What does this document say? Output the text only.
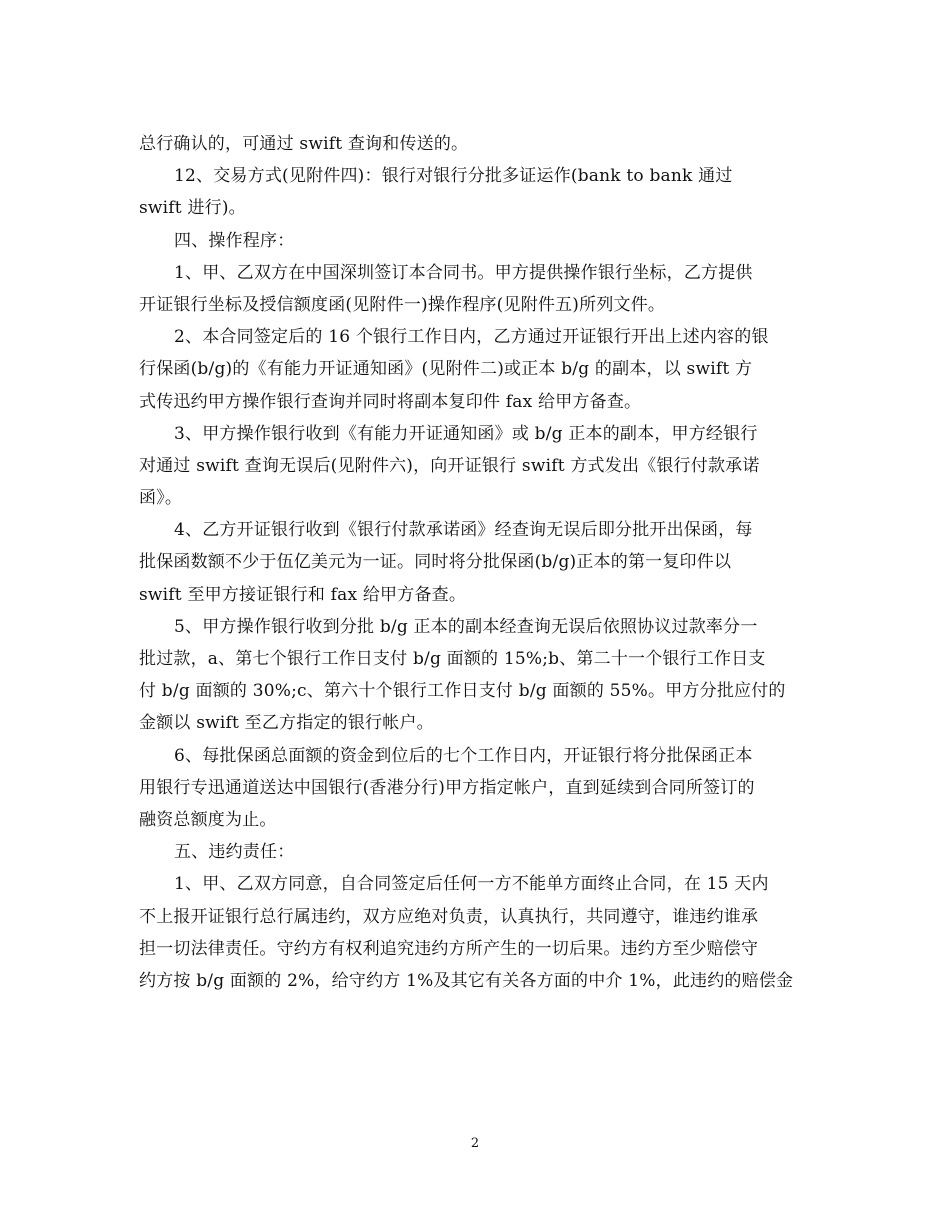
总行确认的，可通过 swift 查询和传送的。
12、交易方式(见附件四)：银行对银行分批多证运作(bank to bank 通过
swift 进行)。
四、操作程序：
1、甲、乙双方在中国深圳签订本合同书。甲方提供操作银行坐标，乙方提供
开证银行坐标及授信额度函(见附件一)操作程序(见附件五)所列文件。
2、本合同签定后的 16 个银行工作日内，乙方通过开证银行开出上述内容的银
行保函(b/g)的《有能力开证通知函》(见附件二)或正本 b/g 的副本，以 swift 方
式传迅约甲方操作银行查询并同时将副本复印件 fax 给甲方备查。
3、甲方操作银行收到《有能力开证通知函》或 b/g 正本的副本，甲方经银行
对通过 swift 查询无误后(见附件六)，向开证银行 swift 方式发出《银行付款承诺
函》。
4、乙方开证银行收到《银行付款承诺函》经查询无误后即分批开出保函，每
批保函数额不少于伍亿美元为一证。同时将分批保函(b/g)正本的第一复印件以
swift 至甲方接证银行和 fax 给甲方备查。
5、甲方操作银行收到分批 b/g 正本的副本经查询无误后依照协议过款率分一
批过款，a、第七个银行工作日支付 b/g 面额的 15%;b、第二十一个银行工作日支
付 b/g 面额的 30%;c、第六十个银行工作日支付 b/g 面额的 55%。甲方分批应付的
金额以 swift 至乙方指定的银行帐户。
6、每批保函总面额的资金到位后的七个工作日内，开证银行将分批保函正本
用银行专迅通道送达中国银行(香港分行)甲方指定帐户，直到延续到合同所签订的
融资总额度为止。
五、违约责任：
1、甲、乙双方同意，自合同签定后任何一方不能单方面终止合同，在 15 天内
不上报开证银行总行属违约，双方应绝对负责，认真执行，共同遵守，谁违约谁承
担一切法律责任。守约方有权利追究违约方所产生的一切后果。违约方至少赔偿守
约方按 b/g 面额的 2%，给守约方 1%及其它有关各方面的中介 1%，此违约的赔偿金
2
